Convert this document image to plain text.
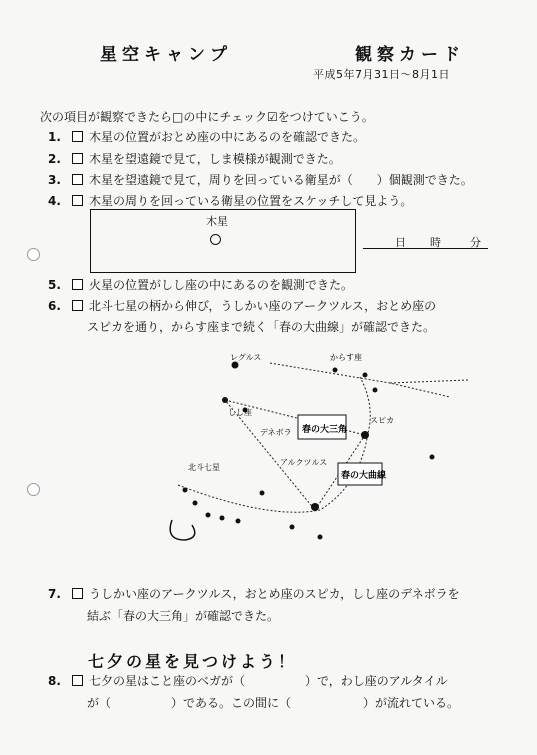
星空キャンプ	観察カード
平成5年7月31日～8月1日
次の項目が観察できたら□の中にチェック☑をつけていこう。
1. 木星の位置がおとめ座の中にあるのを確認できた。
2. 木星を望遠鏡で見て，しま模様が観測できた。
3. 木星を望遠鏡で見て，周りを回っている衛星が（　　）個観測できた。
4. 木星の周りを回っている衛星の位置をスケッチして見よう。
木星
日 時	分
5. 火星の位置がしし座の中にあるのを観測できた。
6. 北斗七星の柄から伸び，うしかい座のアークツルス，おとめ座の
スピカを通り，からす座まで続く「春の大曲線」が確認できた。
レグルス
しし座
デネボラ 春の大三角
春の大曲線
からす座
スピカ
アルクツルス
北斗七星
7. うしかい座のアークツルス，おとめ座のスピカ，しし座のデネボラを
結ぶ「春の大三角」が確認できた。
七夕の星を見つけよう！
8. 七夕の星はこと座のベガが（　　　　　）で，わし座のアルタイル
が（　　　　　）である。この間に（　　　　　　）が流れている。
